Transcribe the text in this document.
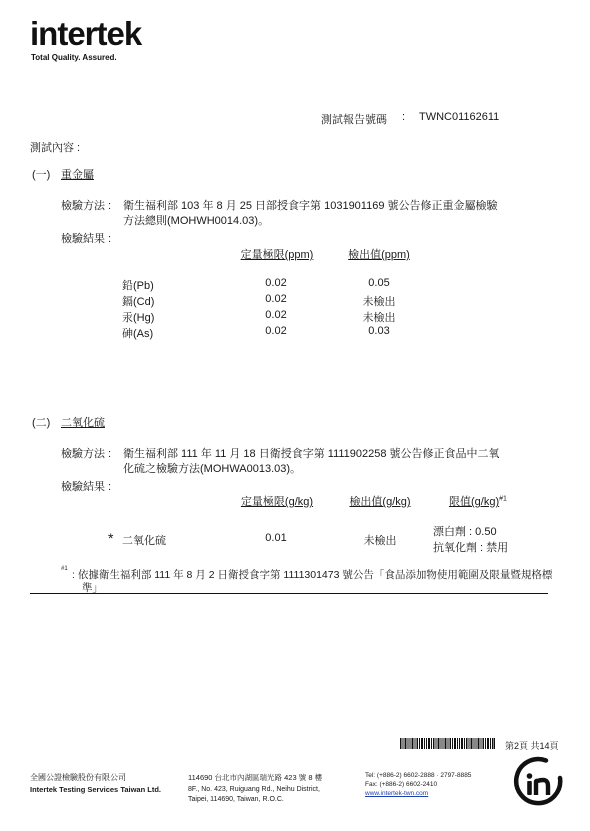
intertek
Total Quality. Assured.
測試報告號碼 : TWNC01162611
測試內容 :
(一) 重金屬
檢驗方法 : 衛生福利部 103 年 8 月 25 日部授食字第 1031901169 號公告修正重金屬檢驗
方法總則(MOHWH0014.03)。
檢驗結果 :
定量極限(ppm)	檢出值(ppm)
鉛(Pb)	0.02	0.05
鎘(Cd)	0.02	未檢出
汞(Hg)	0.02	未檢出
砷(As)	0.02	0.03
(二) 二氧化硫
檢驗方法 : 衛生福利部 111 年 11 月 18 日衛授食字第 1111902258 號公告修正食品中二氧
化硫之檢驗方法(MOHWA0013.03)。
檢驗結果 :
定量極限(g/kg)	檢出值(g/kg)	限值$(g/kg)^{\#1}$
* 二氧化硫	0.01	未檢出
漂白劑 : 0.50
抗氧化劑 : 禁用
#1 : 依據衛生福利部 111 年 8 月 2 日衛授食字第 1111301473 號公告「食品添加物使用範圍及限量暨規格標
準」
第2頁 共14頁
全國公證檢驗股份有限公司
Intertek Testing Services Taiwan Ltd.
114690 台北市內湖區瑞光路 423 號 8 樓
8F., No. 423, Ruiguang Rd., Neihu District,
Taipei, 114690, Taiwan, R.O.C.
Tel: (+886-2) 6602-2888 · 2797-8885
Fax: (+886-2) 6602-2410
www.intertek-twn.com
